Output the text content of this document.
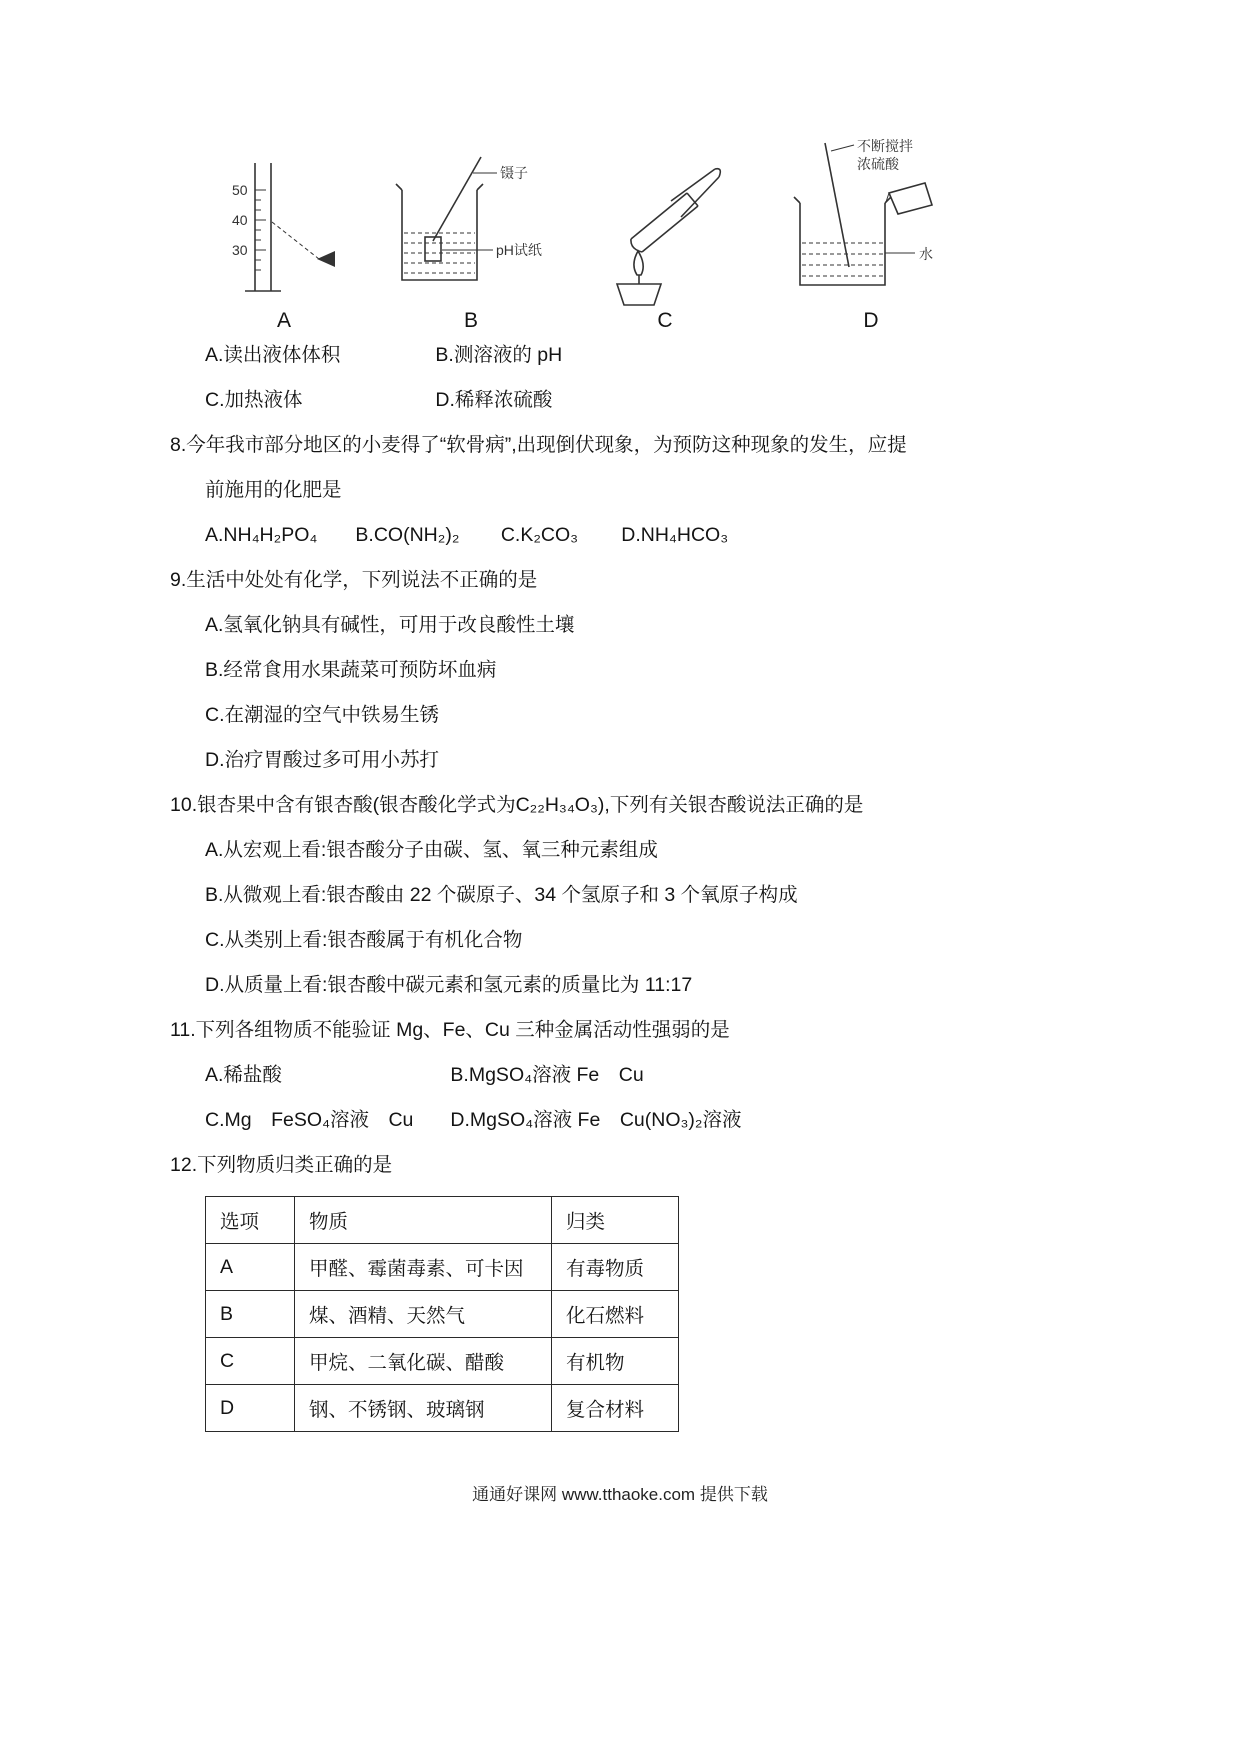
50
40
30
A
镊子
pH试纸
B	C
不断搅拌
浓硫酸
水
D
A.读出液体体积	B.测溶液的 pH
C.加热液体	D.稀释浓硫酸
8.今年我市部分地区的小麦得了“软骨病”,出现倒伏现象，为预防这种现象的发生，应提
前施用的化肥是
A.NH₄H₂PO₄ B.CO(NH₂)₂ C.K₂CO₃ D.NH₄HCO₃
9.生活中处处有化学，下列说法不正确的是
A.氢氧化钠具有碱性，可用于改良酸性土壤
B.经常食用水果蔬菜可预防坏血病
C.在潮湿的空气中铁易生锈
D.治疗胃酸过多可用小苏打
10.银杏果中含有银杏酸(银杏酸化学式为C₂₂H₃₄O₃),下列有关银杏酸说法正确的是
A.从宏观上看:银杏酸分子由碳、氢、氧三种元素组成
B.从微观上看:银杏酸由 22 个碳原子、34 个氢原子和 3 个氧原子构成
C.从类别上看:银杏酸属于有机化合物
D.从质量上看:银杏酸中碳元素和氢元素的质量比为 11:17
11.下列各组物质不能验证 Mg、Fe、Cu 三种金属活动性强弱的是
A.稀盐酸	B.MgSO₄溶液 Fe　Cu
C.Mg　FeSO₄溶液　Cu D.MgSO₄溶液 Fe　Cu(NO₃)₂溶液
12.下列物质归类正确的是
选项	物质	归类
A	甲醛、霉菌毒素、可卡因	有毒物质
B	煤、酒精、天然气	化石燃料
C	甲烷、二氧化碳、醋酸	有机物
D	钢、不锈钢、玻璃钢	复合材料
通通好课网 www.tthaoke.com 提供下载
